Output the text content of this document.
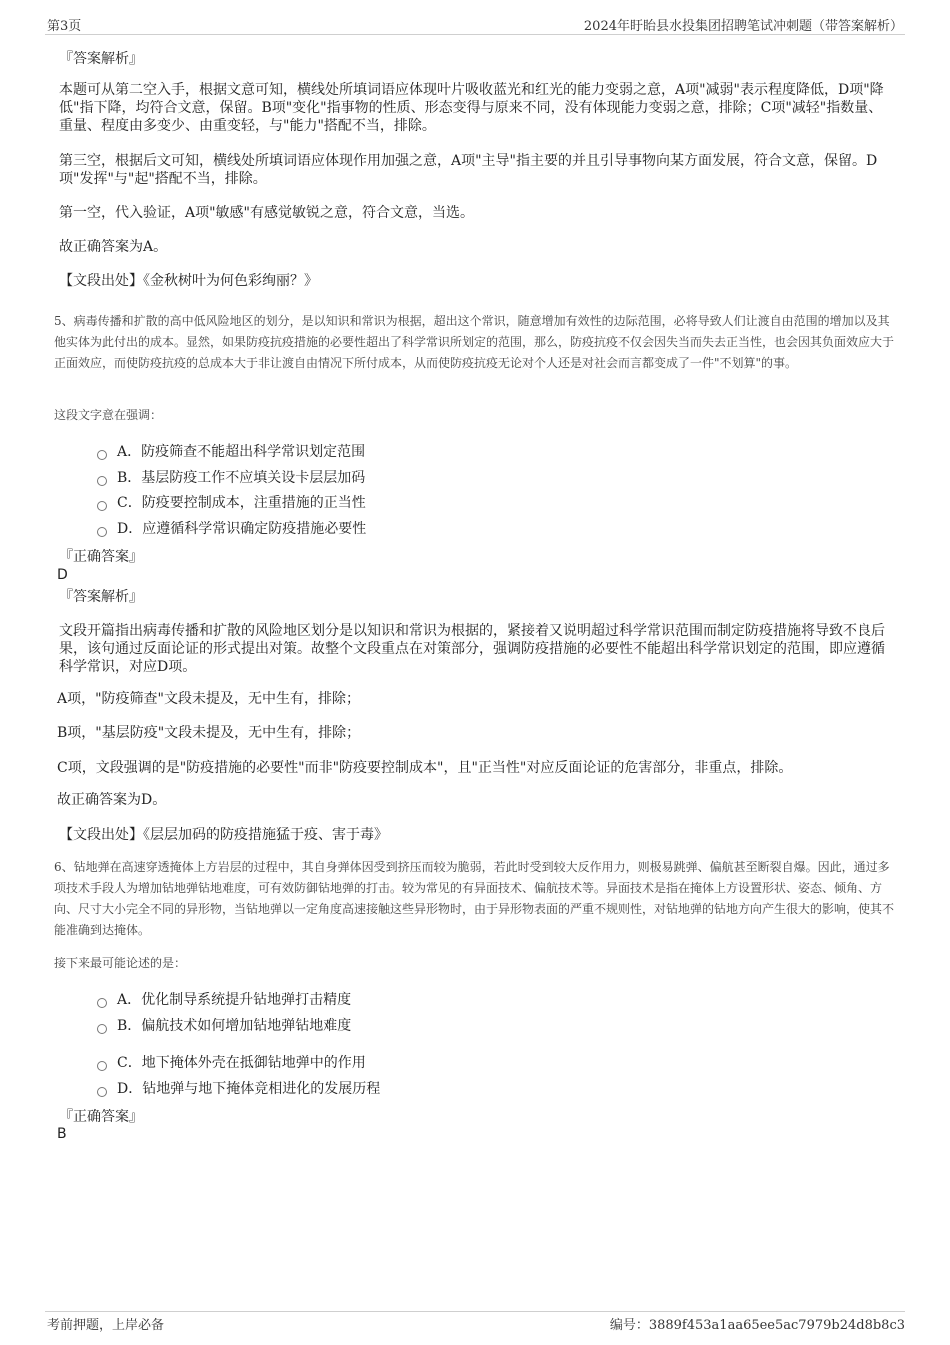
第3页	2024年盱眙县水投集团招聘笔试冲刺题（带答案解析）
『答案解析』
本题可从第二空入手，根据文意可知，横线处所填词语应体现叶片吸收蓝光和红光的能力变弱之意，A项"减弱"表示程度降低，D项"降低"指下降，均符合文意，保留。B项"变化"指事物的性质、形态变得与原来不同，没有体现能力变弱之意，排除；C项"减轻"指数量、重量、程度由多变少、由重变轻，与"能力"搭配不当，排除。
第三空，根据后文可知，横线处所填词语应体现作用加强之意，A项"主导"指主要的并且引导事物向某方面发展，符合文意，保留。D项"发挥"与"起"搭配不当，排除。
第一空，代入验证，A项"敏感"有感觉敏锐之意，符合文意，当选。
故正确答案为A。
【文段出处】《金秋树叶为何色彩绚丽？》
5、病毒传播和扩散的高中低风险地区的划分，是以知识和常识为根据，超出这个常识，随意增加有效性的边际范围，必将导致人们让渡自由范围的增加以及其他实体为此付出的成本。显然，如果防疫抗疫措施的必要性超出了科学常识所划定的范围，那么，防疫抗疫不仅会因失当而失去正当性，也会因其负面效应大于正面效应，而使防疫抗疫的总成本大于非让渡自由情况下所付成本，从而使防疫抗疫无论对个人还是对社会而言都变成了一件"不划算"的事。
这段文字意在强调：
A．防疫筛查不能超出科学常识划定范围
B．基层防疫工作不应填关设卡层层加码
C．防疫要控制成本，注重措施的正当性
D．应遵循科学常识确定防疫措施必要性
『正确答案』
D
『答案解析』
文段开篇指出病毒传播和扩散的风险地区划分是以知识和常识为根据的，紧接着又说明超过科学常识范围而制定防疫措施将导致不良后果，该句通过反面论证的形式提出对策。故整个文段重点在对策部分，强调防疫措施的必要性不能超出科学常识划定的范围，即应遵循科学常识，对应D项。
A项，"防疫筛查"文段未提及，无中生有，排除；
B项，"基层防疫"文段未提及，无中生有，排除；
C项，文段强调的是"防疫措施的必要性"而非"防疫要控制成本"，且"正当性"对应反面论证的危害部分，非重点，排除。
故正确答案为D。
【文段出处】《层层加码的防疫措施猛于疫、害于毒》
6、钻地弹在高速穿透掩体上方岩层的过程中，其自身弹体因受到挤压而较为脆弱，若此时受到较大反作用力，则极易跳弹、偏航甚至断裂自爆。因此，通过多项技术手段人为增加钻地弹钻地难度，可有效防御钻地弹的打击。较为常见的有异面技术、偏航技术等。异面技术是指在掩体上方设置形状、姿态、倾角、方向、尺寸大小完全不同的异形物，当钻地弹以一定角度高速接触这些异形物时，由于异形物表面的严重不规则性，对钻地弹的钻地方向产生很大的影响，使其不能准确到达掩体。
接下来最可能论述的是：
A．优化制导系统提升钻地弹打击精度
B．偏航技术如何增加钻地弹钻地难度
C．地下掩体外壳在抵御钻地弹中的作用
D．钻地弹与地下掩体竞相进化的发展历程
『正确答案』
B
考前押题，上岸必备	编号：3889f453a1aa65ee5ac7979b24d8b8c3
